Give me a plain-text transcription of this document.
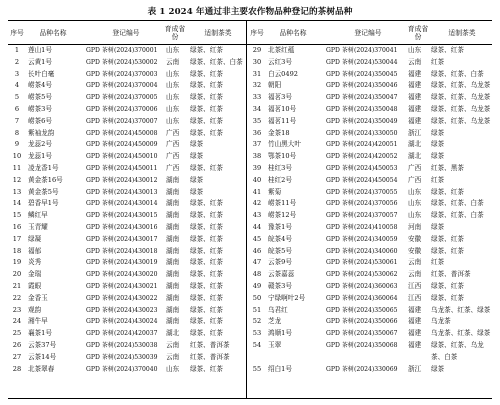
表 1 2024 年通过非主要农作物品种登记的茶树品种
序号	品种名称	登记编号	育成省份	适制茶类	序号	品种名称	登记编号	育成省份	适制茶类
1	莲山1号	GPD 茶树(2024)370001	山东	绿茶、红茶
2	云黄1号	GPD 茶树(2024)530002	云南	绿茶、红茶、白茶
3	长叶白毫	GPD 茶树(2024)370003	山东	绿茶、红茶
4	崂茶4号	GPD 茶树(2024)370004	山东	绿茶、红茶
5	崂茶5号	GPD 茶树(2024)370005	山东	绿茶、红茶
6	崂茶3号	GPD 茶树(2024)370006	山东	绿茶、红茶
7	崂茶6号	GPD 茶树(2024)370007	山东	绿茶、红茶
8	紫袖龙韵	GPD 茶树(2024)450008	广西	绿茶、红茶
9	龙蕊2号	GPD 茶树(2024)450009	广西	绿茶
10	龙蕊1号	GPD 茶树(2024)450010	广西	绿茶
11	凌龙香1号	GPD 茶树(2024)450011	广西	绿茶、红茶
12	黄金茶16号	GPD 茶树(2024)430012	湖南	绿茶
13	黄金茶5号	GPD 茶树(2024)430013	湖南	绿茶
14	碧香早1号	GPD 茶树(2024)430014	湖南	绿茶、红茶
15	鳞红早	GPD 茶树(2024)430015	湖南	绿茶、红茶
16	玉青耀	GPD 茶树(2024)430016	湖南	绿茶、红茶
17	绿凝	GPD 茶树(2024)430017	湖南	绿茶、红茶
18	福郁	GPD 茶树(2024)430018	湖南	绿茶、红茶
19	炎秀	GPD 茶树(2024)430019	湖南	绿茶、红茶
20	金瑞	GPD 茶树(2024)430020	湖南	绿茶、红茶
21	霞眼	GPD 茶树(2024)430021	湖南	绿茶、红茶
22	金香玉	GPD 茶树(2024)430022	湖南	绿茶、红茶
23	观韵	GPD 茶树(2024)430023	湖南	绿茶、红茶
24	湘牛早	GPD 茶树(2024)430024	湖南	绿茶、红茶
25	襄茶1号	GPD 茶树(2024)420037	湖北	绿茶、红茶
26	云茶37号	GPD 茶树(2024)530038	云南	红茶、普洱茶
27	云茶14号	GPD 茶树(2024)530039	云南	红茶、普洱茶
28	北茶翠春	GPD 茶树(2024)370040	山东	绿茶、红茶
29	北茶红蕴	GPD 茶树(2024)370041	山东	绿茶、红茶
30	云红3号	GPD 茶树(2024)530044	云南	红茶
31	白云0492	GPD 茶树(2024)350045	福建	绿茶、红茶、白茶
32	朝阳	GPD 茶树(2024)350046	福建	绿茶、红茶、乌龙茶
33	福茗3号	GPD 茶树(2024)350047	福建	绿茶、红茶、乌龙茶
34	福茗10号	GPD 茶树(2024)350048	福建	绿茶、红茶、乌龙茶
35	福茗11号	GPD 茶树(2024)350049	福建	绿茶、红茶、乌龙茶
36	金茶18	GPD 茶树(2024)330050	浙江	绿茶
37	竹山黑大叶	GPD 茶树(2024)420051	湖北	绿茶
38	鄂茶10号	GPD 茶树(2024)420052	湖北	绿茶
39	桂红3号	GPD 茶树(2024)450053	广西	红茶、黑茶
40	桂红2号	GPD 茶树(2024)450054	广西	红茶
41	紫菊	GPD 茶树(2024)370055	山东	绿茶、红茶
42	崂茶11号	GPD 茶树(2024)370056	山东	绿茶、红茶、白茶
43	崂茶12号	GPD 茶树(2024)370057	山东	绿茶、红茶、白茶
44	豫茶1号	GPD 茶树(2024)410058	河南	绿茶
45	皖茶4号	GPD 茶树(2024)340059	安徽	绿茶、红茶
46	皖茶5号	GPD 茶树(2024)340060	安徽	绿茶、红茶
47	云茶9号	GPD 茶树(2024)530061	云南	红茶
48	云茶嘉蕊	GPD 茶树(2024)530062	云南	红茶、普洱茶
49	赣茶3号	GPD 茶树(2024)360063	江西	绿茶、红茶
50	宁绿啊叶2号	GPD 茶树(2024)360064	江西	绿茶、红茶
51	乌君红	GPD 茶树(2024)350065	福建	乌龙茶、红茶、绿茶
52	芝龙	GPD 茶树(2024)350066	福建	乌龙茶
53	鸿顺1号	GPD 茶树(2024)350067	福建	乌龙茶、红茶、绿茶
54	玉翠	GPD 茶树(2024)350068	福建	绿茶、红茶、乌龙茶、白茶
55	绍白1号	GPD 茶树(2024)330069	浙江	绿茶
